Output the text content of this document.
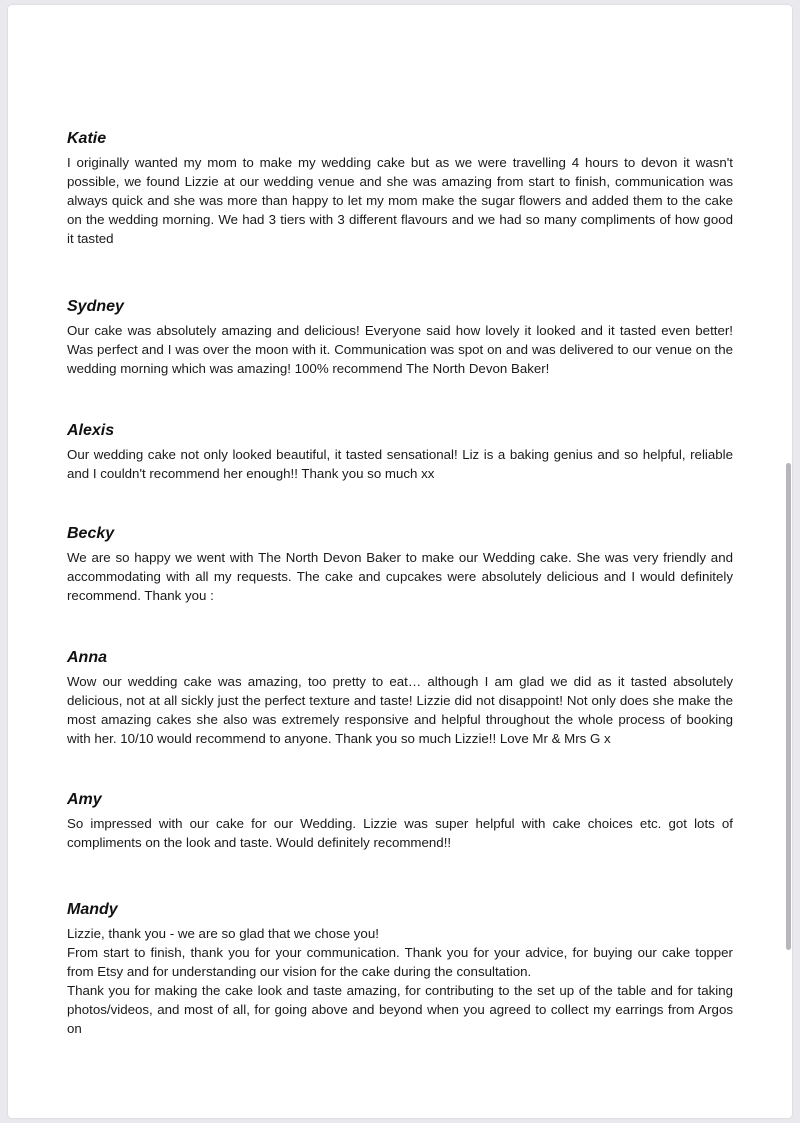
Katie

I originally wanted my mom to make my wedding cake but as we were travelling 4 hours to devon it wasn't possible, we found Lizzie at our wedding venue and she was amazing from start to finish, communication was always quick and she was more than happy to let my mom make the sugar flowers and added them to the cake on the wedding morning. We had 3 tiers with 3 different flavours and we had so many compliments of how good it tasted

Sydney

Our cake was absolutely amazing and delicious! Everyone said how lovely it looked and it tasted even better! Was perfect and I was over the moon with it. Communication was spot on and was delivered to our venue on the wedding morning which was amazing! 100% recommend The North Devon Baker!

Alexis

Our wedding cake not only looked beautiful, it tasted sensational! Liz is a baking genius and so helpful, reliable and I couldn't recommend her enough!! Thank you so much xx

Becky

We are so happy we went with The North Devon Baker to make our Wedding cake. She was very friendly and accommodating with all my requests. The cake and cupcakes were absolutely delicious and I would definitely recommend. Thank you :

Anna

Wow our wedding cake was amazing, too pretty to eat… although I am glad we did as it tasted absolutely delicious, not at all sickly just the perfect texture and taste! Lizzie did not disappoint! Not only does she make the most amazing cakes she also was extremely responsive and helpful throughout the whole process of booking with her. 10/10 would recommend to anyone. Thank you so much Lizzie!! Love Mr & Mrs G x

Amy

So impressed with our cake for our Wedding. Lizzie was super helpful with cake choices etc. got lots of compliments on the look and taste. Would definitely recommend!!

Mandy

Lizzie, thank you - we are so glad that we chose you!

From start to finish, thank you for your communication. Thank you for your advice, for buying our cake topper from Etsy and for understanding our vision for the cake during the consultation.

Thank you for making the cake look and taste amazing, for contributing to the set up of the table and for taking photos/videos, and most of all, for going above and beyond when you agreed to collect my earrings from Argos on
